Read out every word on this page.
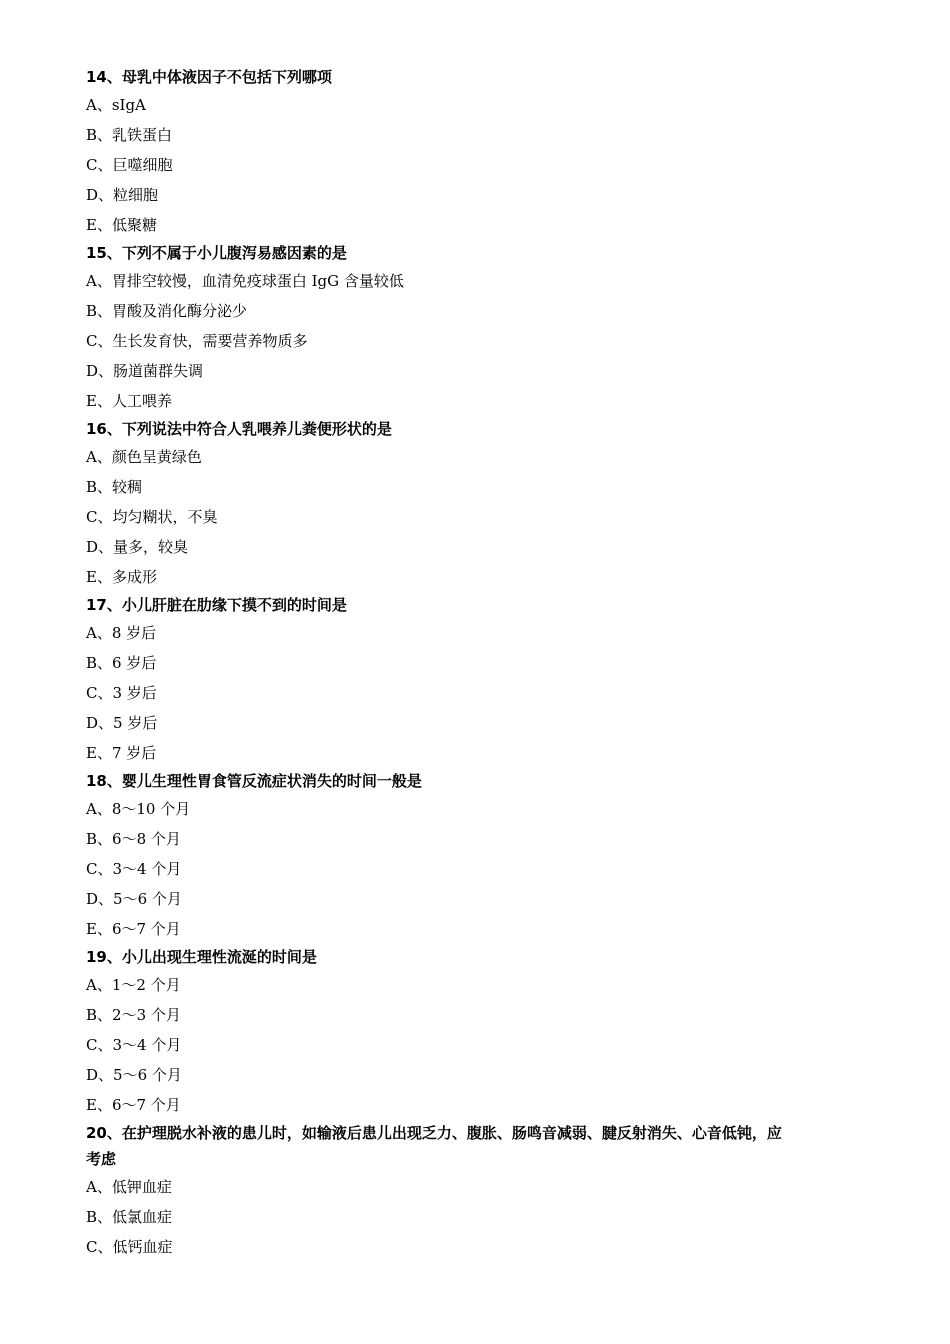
14、母乳中体液因子不包括下列哪项

A、sIgA

B、乳铁蛋白

C、巨噬细胞

D、粒细胞

E、低聚糖

15、下列不属于小儿腹泻易感因素的是

A、胃排空较慢，血清免疫球蛋白 IgG 含量较低

B、胃酸及消化酶分泌少

C、生长发育快，需要营养物质多

D、肠道菌群失调

E、人工喂养

16、下列说法中符合人乳喂养儿粪便形状的是

A、颜色呈黄绿色

B、较稠

C、均匀糊状，不臭

D、量多，较臭

E、多成形

17、小儿肝脏在肋缘下摸不到的时间是

A、8 岁后

B、6 岁后

C、3 岁后

D、5 岁后

E、7 岁后

18、婴儿生理性胃食管反流症状消失的时间一般是

A、8～10 个月

B、6～8 个月

C、3～4 个月

D、5～6 个月

E、6～7 个月

19、小儿出现生理性流涎的时间是

A、1～2 个月

B、2～3 个月

C、3～4 个月

D、5～6 个月

E、6～7 个月

20、在护理脱水补液的患儿时，如输液后患儿出现乏力、腹胀、肠鸣音减弱、腱反射消失、心音低钝，应

考虑

A、低钾血症

B、低氯血症

C、低钙血症
